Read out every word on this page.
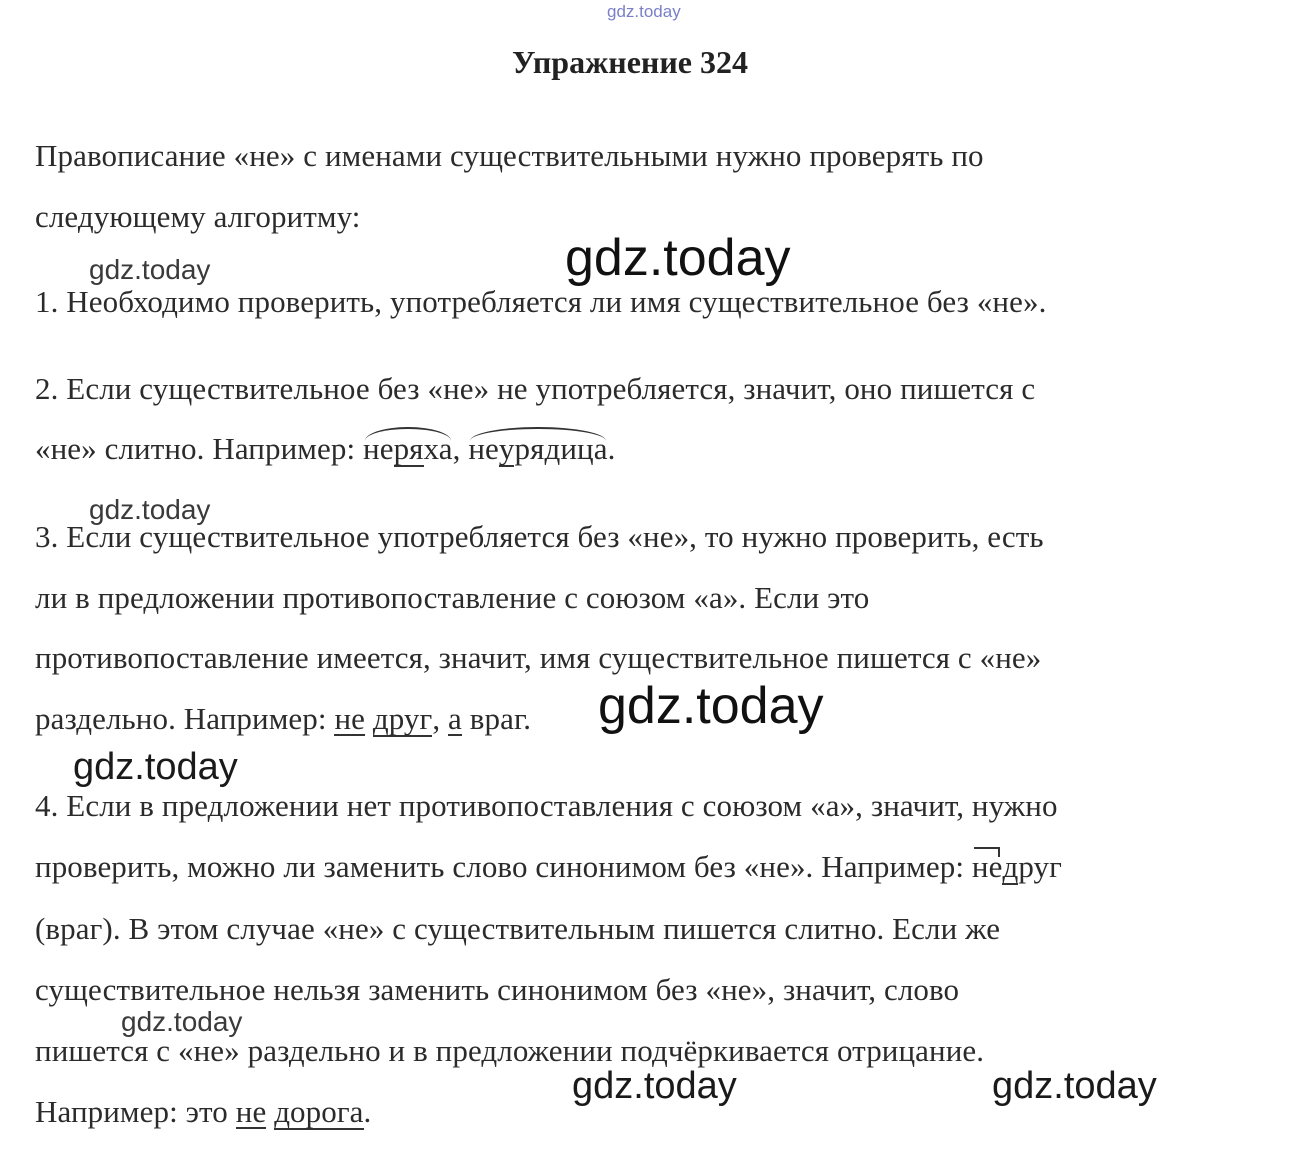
gdz.today
Упражнение 324
Правописание «не» с именами существительными нужно проверять по
следующему алгоритму:
1. Необходимо проверить, употребляется ли имя существительное без «не».
2. Если существительное без «не» не употребляется, значит, оно пишется с
«не» слитно. Например: неряха, неурядица.
3. Если существительное употребляется без «не», то нужно проверить, есть
ли в предложении противопоставление с союзом «а». Если это
противопоставление имеется, значит, имя существительное пишется с «не»
раздельно. Например: не друг, а враг.
4. Если в предложении нет противопоставления с союзом «а», значит, нужно
проверить, можно ли заменить слово синонимом без «не». Например: недруг
(враг). В этом случае «не» с существительным пишется слитно. Если же
существительное нельзя заменить синонимом без «не», значит, слово
пишется с «не» раздельно и в предложении подчёркивается отрицание.
Например: это не дорога.
gdz.today	gdz.today
gdz.today
gdz.today
gdz.today
gdz.today
gdz.today	gdz.today
